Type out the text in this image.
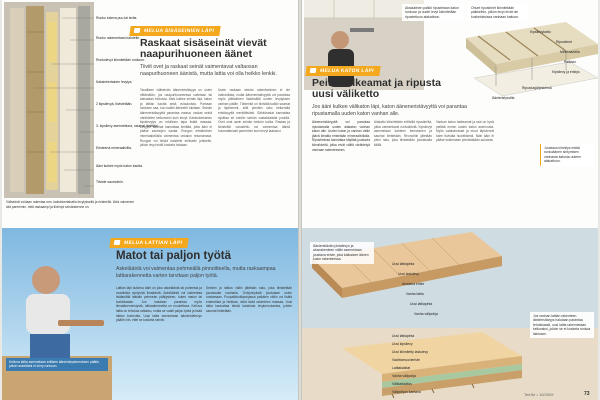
Runko tukeva puu tai teräs.
Runko rakennetaan kahdelle.
Runkolevyt kiinnitetään runkoon.
Kaksinkertainen levytys.
2 kipsilevyä, tiivistetään.
3. kipsilevy asennettuna, saumat limittäin.
Eristeenä mineraalivilla.
Ääni kulkee myös katon kautta.
Tiiviste saumoihin.
MELUA SISÄSEINIEN LÄPI
Raskaat sisäseinät vievät naapurihuoneen äänet
Tiiviit ovet ja raskaat seinät vaimentavat valtaosan naapurihuoneen äänistä, mutta lattia voi olla heikko lenkki.
Tavallisen väliseinän ääneneristävyys on usein riittämätön, jos naapurihuoneessa soitetaan tai katsotaan elokuvia. Ääni kulkee seinän läpi, katon ja lattian kautta sekä oviaukoista. Parhaan tuloksen saa, kun kaikki äänireitit tukitaan. Seinän ääneneristävyyttä parantaa massa: raskas seinä värähtelee heikommin kuin kevyt. Kaksinkertainen kipsilevytys on edullinen tapa lisätä massaa. Levyjen saumat kannattaa limittää, jotta ääni ei pääse saumojen kautta. Rungon eristäminen mineraalivillalla vaimentaa onkalon resonanssia. Rungon voi tehdä kahdelle erilliselle johteelle, jolloin levyt eivät kosketa toisiaan.
Usein raskaan seinän rakentaminen ei ole mahdollista, mutta ääneneristävyyttä voi parantaa myös jälkikäteen lisäämällä uuden levytyksen vanhan päälle. Tärkeintä on tiivistää kaikki saumat ja läpiviennit, sillä pienikin rako heikentää eristävyyttä merkittävästi. Sähkörasiat kannattaa sijoittaa eri kohtiin seinän vastakkaisilla puolilla. Ovet ovat usein seinän heikoin kohta. Raskas ja tiivisteillä varustettu ovi vaimentaa ääntä huomattavasti paremmin kuin kevyt laakaovi.
Väliseinät voidaan rakentaa mm. kaksinkertaisella levytyksellä ja eristeellä. Ääni vaimenee sitä paremmin, mitä raskaampi ja tiiviimpi seinärakenne on.
MELUA LATTIAN LÄPI
Matot tai paljon työtä
Askelääntä voi vaimentaa pehmeällä pinnoitteella, mutta raskaampaa lattiarakennetta varten tarvitaan paljon työtä.
Lattian läpi kulkeva ääni on joko askelääntä tai puheesta ja musiikista syntyvää ilmaääntä. Askelääntä voi vaimentaa lisäämällä lattialle pehmeän päällysteen, kuten maton tai korkkilaatan. Jos halutaan parantaa myös ilmaääneneristystä, lattiarakennetta on muutettava. Kelluva lattia on tehokas ratkaisu, mutta se vaatii paljon työtä ja lisää lattian korkeutta. Uusi lattia asennetaan äänieristelevyn päälle niin, ettei se kosketa seiniin.
Seinien ja lattian väliin jätetään rako, joka tiivistetään joustavalla nauhalla. Ovikynnyksiä joudutaan usein nostamaan. Puupalkkivälipohjassa palkkien väliin voi lisätä eristevillaa ja hiekkaa, mikä lisää rakenteen massaa. Uusi lattia kannattaa tehdä kahdesta levykerroksesta, joiden saumat limitetään.
Kelluva lattia asennetaan erillisen äänieristyskerroksen päälle, jolloin askelääni ei siirry runkoon.
Aksiaalinen palkki ripustetaan katon runkoon ja uudet levyt kiinnitetään ripustettuun alakattoon.
Ohuet ripustimet kiinnitetään palkkeihin, jolloin levyt eivät ole kosketuksissa vanhaan kattoon.
Kipsilevykatto
Ripustimet
Mineraalivilla
Palkisto
Kipsilevy ja eristys
Ripustusjärjestelmä
Äänieristysvilla
MELUA KATON LÄPI
Peitä halkeamat ja ripusta uusi väliketto
Jos ääni kulkee välikaton läpi, katon ääneneristävyyttä voi parantaa ripustamalla uuden katon vanhan alle.
Ääneneristävyyttä voi parantaa ripustamalla uuden alakaton vanhan katon alle. Uuden katon ja vanhan väliin jäävä ilmatila eristetään mineraalivillalla. Ripustimissa kannattaa käyttää joustavia kiinnikkeitä, jotka eivät välitä värähtelyä vanhaan rakenteeseen.
Alakatto kiinnitetään erillisillä ripustimilla, jotka vaimentavat runkoääntä. Kipsilevyt asennetaan kahteen kerrokseen ja saumat limitetään. Reunoihin jätetään pieni rako, joka tiivistetään joustavalla kitillä.
Vanhan katon halkeamat ja raot on hyvä peittää ennen uuden katon asennusta. Myös valaisinrasiat ja muut läpiviennit tulee tiivistää huolellisesti. Näin ääni ei pääse kulkemaan pienistäkään aukoista.
Joustava kiinnitys estää runkoäänen siirtymisen vanhasta katosta uuteen alakattoon.
Äänieristävän pintalevyn ja alusrakenteen väliin asennetaan joustava eriste, joka katkaisee äänen kulun rakenteessa.
Uusi lattiapinta
Uusi lastulevy
Alustava eriste
Vanha lattia
Uusi lattiapinta
Vanha välipohja
Uusi lattiapinta
Uusi kipsilevy
Uusi kiinnitetty lastulevy
Vaahtomuovieriste
Lattiakaistat
Vanha välipohja
Välikaistoitus
Välipohjan kantava
Jos vanhan lattian rakenteen äänieristävyys halutaan parantaa tehokkaasti, uusi lattia rakennetaan kelluvaksi, jolloin se ei kosketa runkoa lainkaan.
TeeSe • 10/2009	73
